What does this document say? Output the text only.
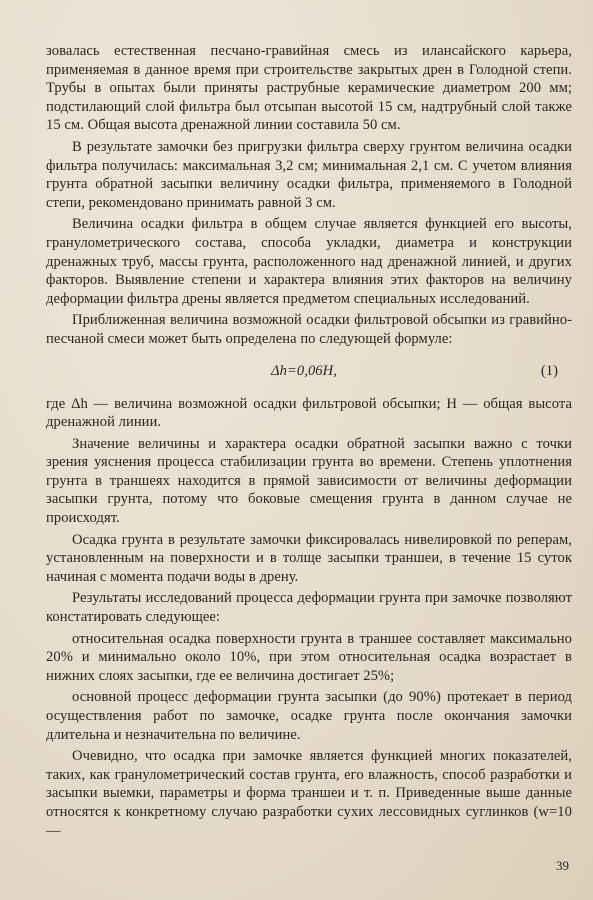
зовалась естественная песчано-гравийная смесь из илансайского карьера, применяемая в данное время при строительстве закрытых дрен в Голодной степи. Трубы в опытах были приняты раструбные керамические диаметром 200 мм; подстилающий слой фильтра был отсыпан высотой 15 см, надтрубный слой также 15 см. Общая высота дренажной линии составила 50 см.

В результате замочки без пригрузки фильтра сверху грунтом величина осадки фильтра получилась: максимальная 3,2 см; минимальная 2,1 см. С учетом влияния грунта обратной засыпки величину осадки фильтра, применяемого в Голодной степи, рекомендовано принимать равной 3 см.

Величина осадки фильтра в общем случае является функцией его высоты, гранулометрического состава, способа укладки, диаметра и конструкции дренажных труб, массы грунта, расположенного над дренажной линией, и других факторов. Выявление степени и характера влияния этих факторов на величину деформации фильтра дрены является предметом специальных исследований.

Приближенная величина возможной осадки фильтровой обсыпки из гравийно-песчаной смеси может быть определена по следующей формуле:

Δh=0,06H,	(1)

где Δh — величина возможной осадки фильтровой обсыпки; H — общая высота дренажной линии.

Значение величины и характера осадки обратной засыпки важно с точки зрения уяснения процесса стабилизации грунта во времени. Степень уплотнения грунта в траншеях находится в прямой зависимости от величины деформации засыпки грунта, потому что боковые смещения грунта в данном случае не происходят.

Осадка грунта в результате замочки фиксировалась нивелировкой по реперам, установленным на поверхности и в толще засыпки траншеи, в течение 15 суток начиная с момента подачи воды в дрену.

Результаты исследований процесса деформации грунта при замочке позволяют констатировать следующее:

относительная осадка поверхности грунта в траншее составляет максимально 20% и минимально около 10%, при этом относительная осадка возрастает в нижних слоях засыпки, где ее величина достигает 25%;

основной процесс деформации грунта засыпки (до 90%) протекает в период осуществления работ по замочке, осадке грунта после окончания замочки длительна и незначительна по величине.

Очевидно, что осадка при замочке является функцией многих показателей, таких, как гранулометрический состав грунта, его влажность, способ разработки и засыпки выемки, параметры и форма траншеи и т. п. Приведенные выше данные относятся к конкретному случаю разработки сухих лессовидных суглинков (w=10—

39
